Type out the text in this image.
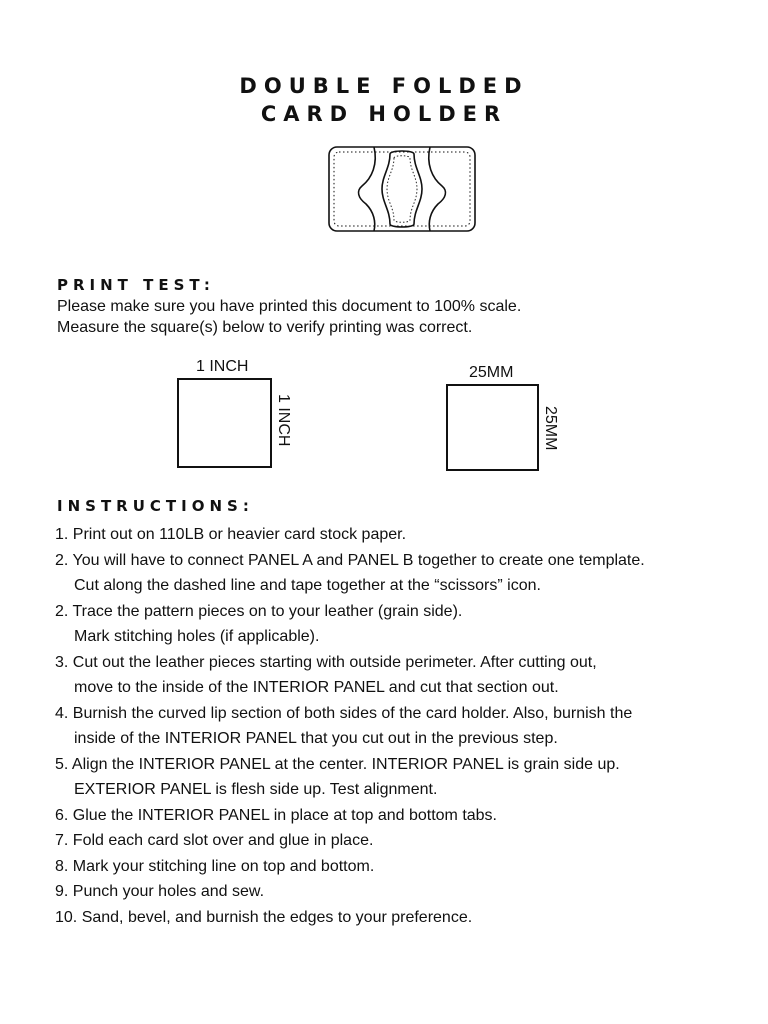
DOUBLE FOLDED
CARD HOLDER
PRINT TEST:
Please make sure you have printed this document to 100% scale.
Measure the square(s) below to verify printing was correct.
1 INCH
1 INCH
25MM
25MM
INSTRUCTIONS:
1. Print out on 110LB or heavier card stock paper.
2. You will have to connect PANEL A and PANEL B together to create one template.
Cut along the dashed line and tape together at the “scissors” icon.
2. Trace the pattern pieces on to your leather (grain side).
Mark stitching holes (if applicable).
3. Cut out the leather pieces starting with outside perimeter. After cutting out,
move to the inside of the INTERIOR PANEL and cut that section out.
4. Burnish the curved lip section of both sides of the card holder. Also, burnish the
inside of the INTERIOR PANEL that you cut out in the previous step.
5. Align the INTERIOR PANEL at the center. INTERIOR PANEL is grain side up.
EXTERIOR PANEL is flesh side up. Test alignment.
6. Glue the INTERIOR PANEL in place at top and bottom tabs.
7. Fold each card slot over and glue in place.
8. Mark your stitching line on top and bottom.
9. Punch your holes and sew.
10. Sand, bevel, and burnish the edges to your preference.
